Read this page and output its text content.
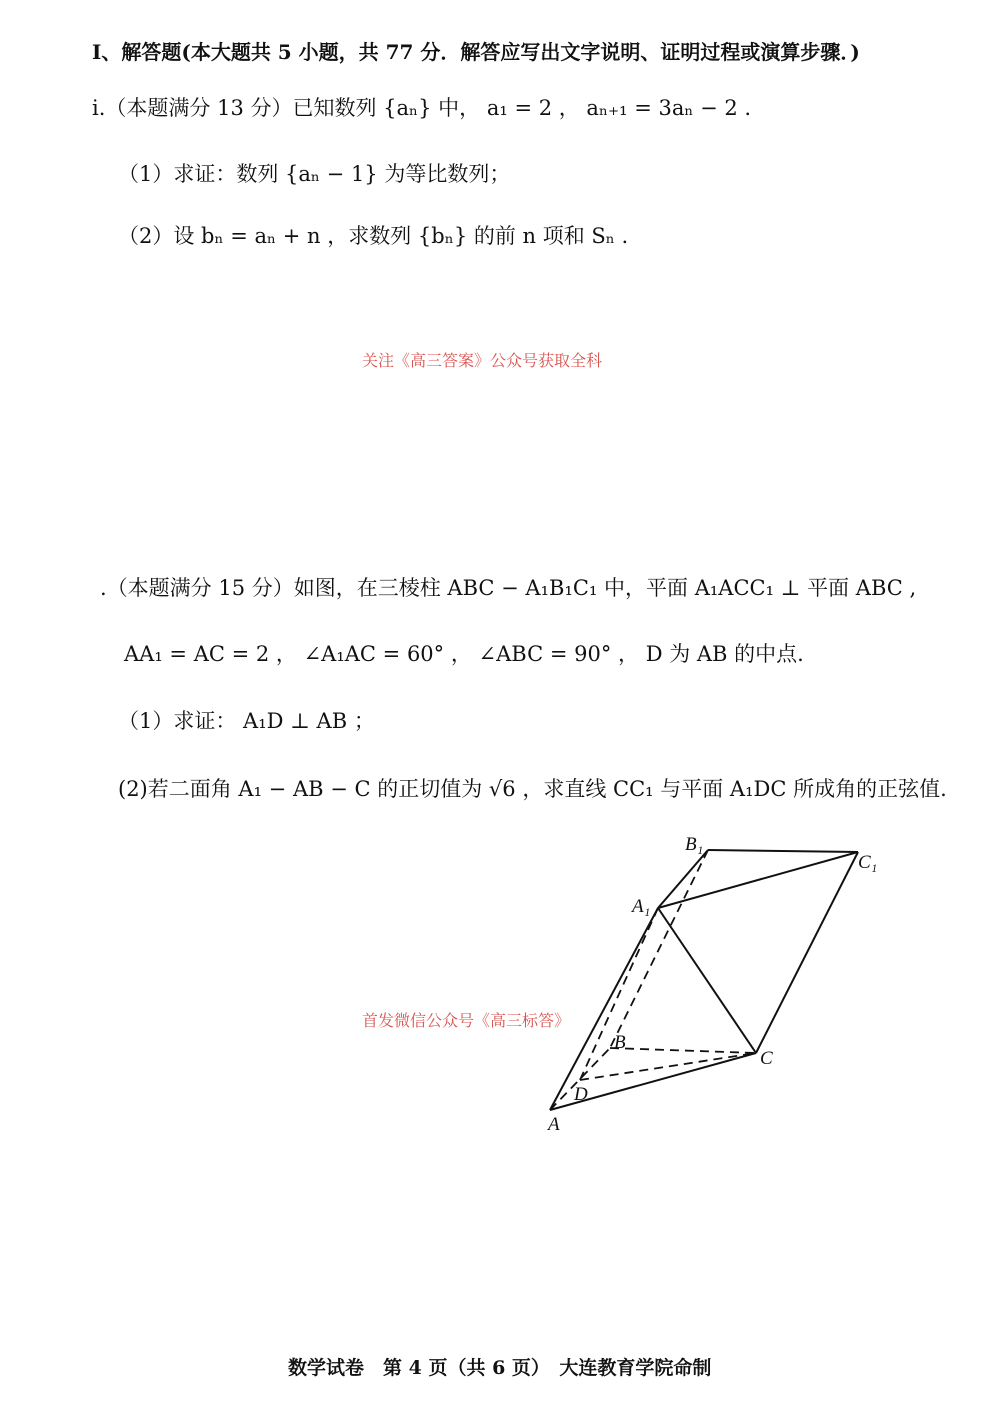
Ⅰ、解答题(本大题共 5 小题，共 77 分．解答应写出文字说明、证明过程或演算步骤．)
i.（本题满分 13 分）已知数列 {aₙ} 中， a₁ = 2 ， aₙ₊₁ = 3aₙ − 2 .
（1）求证：数列 {aₙ − 1} 为等比数列；
（2）设 bₙ = aₙ + n ，求数列 {bₙ} 的前 n 项和 Sₙ .
关注《高三答案》公众号获取全科
.（本题满分 15 分）如图，在三棱柱 ABC − A₁B₁C₁ 中，平面 A₁ACC₁ ⊥ 平面 ABC ,
AA₁ = AC = 2 ， ∠A₁AC = 60° ， ∠ABC = 90° ， D 为 AB 的中点.
（1）求证： A₁D ⊥ AB ；
(2)若二面角 A₁ − AB − C 的正切值为 √6 ，求直线 CC₁ 与平面 A₁DC 所成角的正弦值.
B₁
C₁
A₁
B
C
D
A
首发微信公众号《高三标答》
数学试卷　第 4 页（共 6 页）　大连教育学院命制
